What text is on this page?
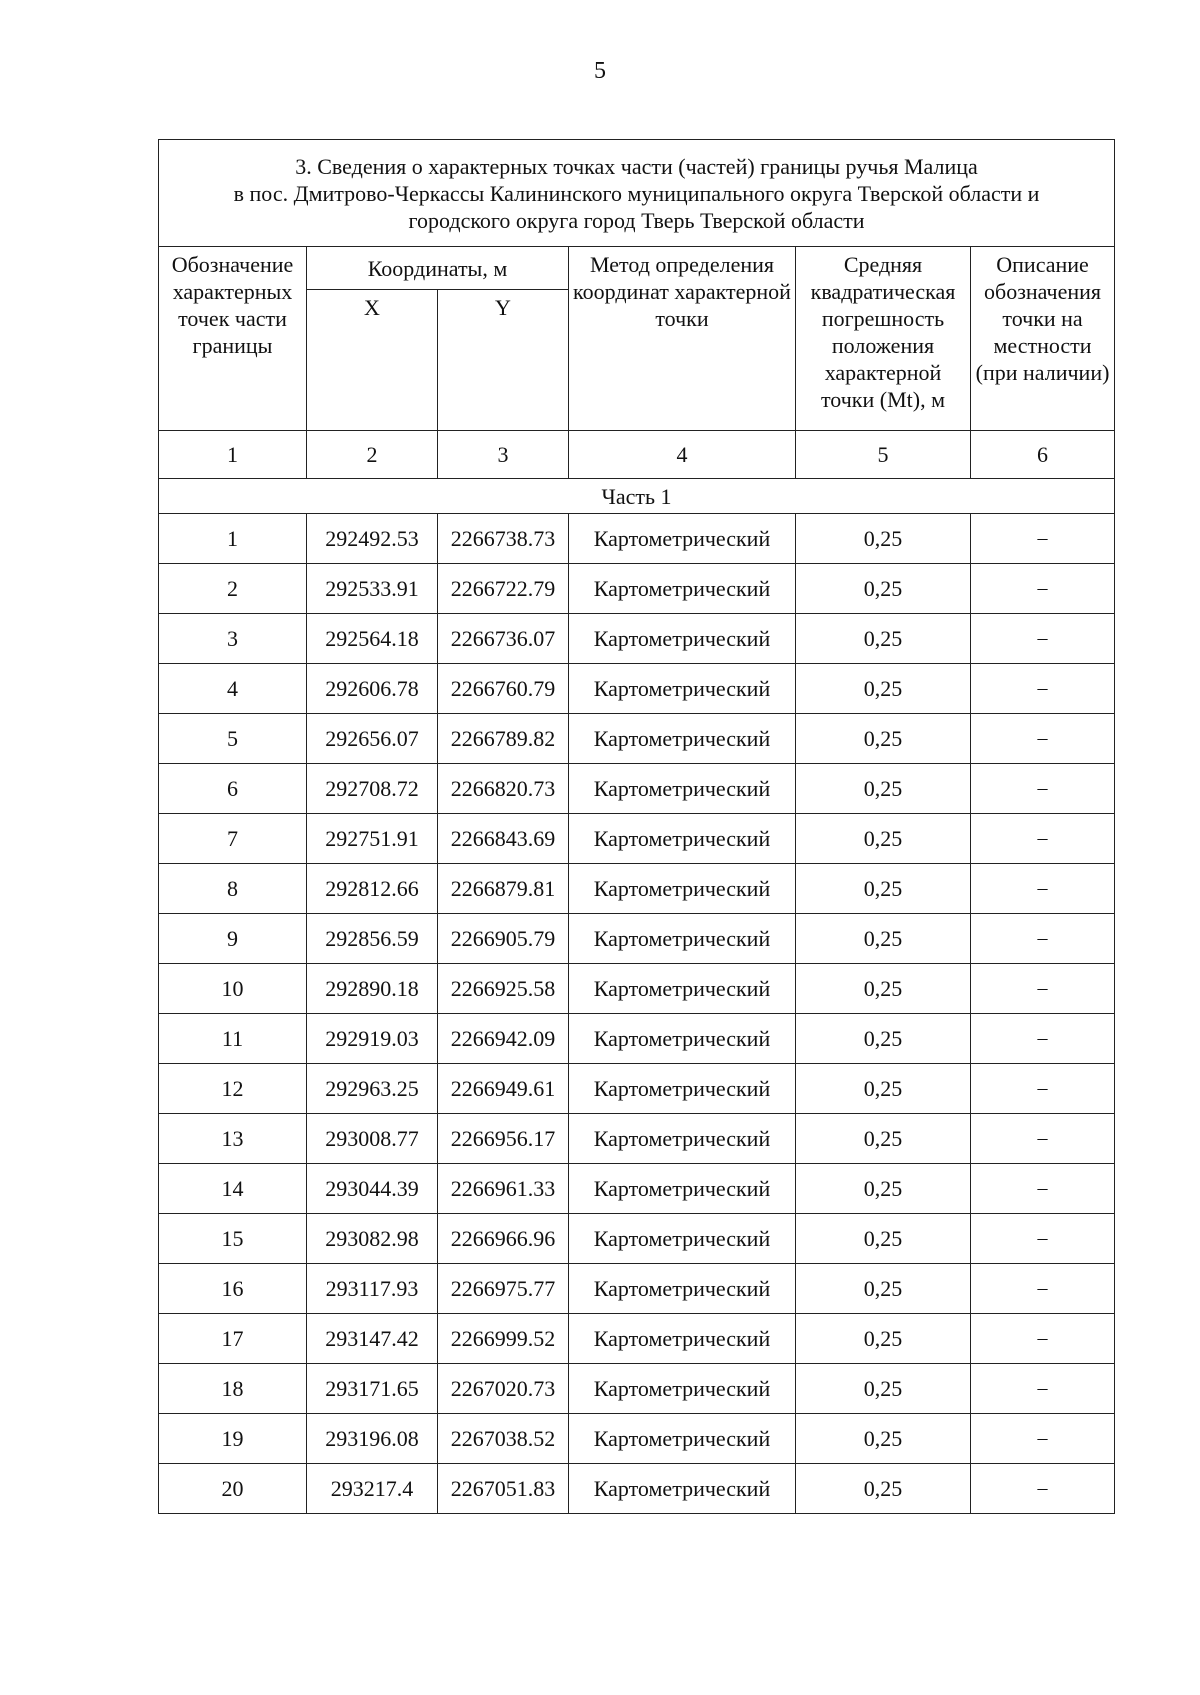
5
3. Сведения о характерных точках части (частей) границы ручья Малица
в пос. Дмитрово-Черкассы Калининского муниципального округа Тверской области и
городского округа город Тверь Тверской области					

Обозначение характерных точек части границы	Координаты, м		Метод определения координат характерной точки	Средняя квадратическая погрешность положения характерной точки (Mt), м	Описание обозначения точки на местности (при наличии)
	X	Y			
1	2	3	4	5	6
Часть 1					
1	292492.53	2266738.73	Картометрический	0,25	–
2	292533.91	2266722.79	Картометрический	0,25	–
3	292564.18	2266736.07	Картометрический	0,25	–
4	292606.78	2266760.79	Картометрический	0,25	–
5	292656.07	2266789.82	Картометрический	0,25	–
6	292708.72	2266820.73	Картометрический	0,25	–
7	292751.91	2266843.69	Картометрический	0,25	–
8	292812.66	2266879.81	Картометрический	0,25	–
9	292856.59	2266905.79	Картометрический	0,25	–
10	292890.18	2266925.58	Картометрический	0,25	–
11	292919.03	2266942.09	Картометрический	0,25	–
12	292963.25	2266949.61	Картометрический	0,25	–
13	293008.77	2266956.17	Картометрический	0,25	–
14	293044.39	2266961.33	Картометрический	0,25	–
15	293082.98	2266966.96	Картометрический	0,25	–
16	293117.93	2266975.77	Картометрический	0,25	–
17	293147.42	2266999.52	Картометрический	0,25	–
18	293171.65	2267020.73	Картометрический	0,25	–
19	293196.08	2267038.52	Картометрический	0,25	–
20	293217.4	2267051.83	Картометрический	0,25	–
